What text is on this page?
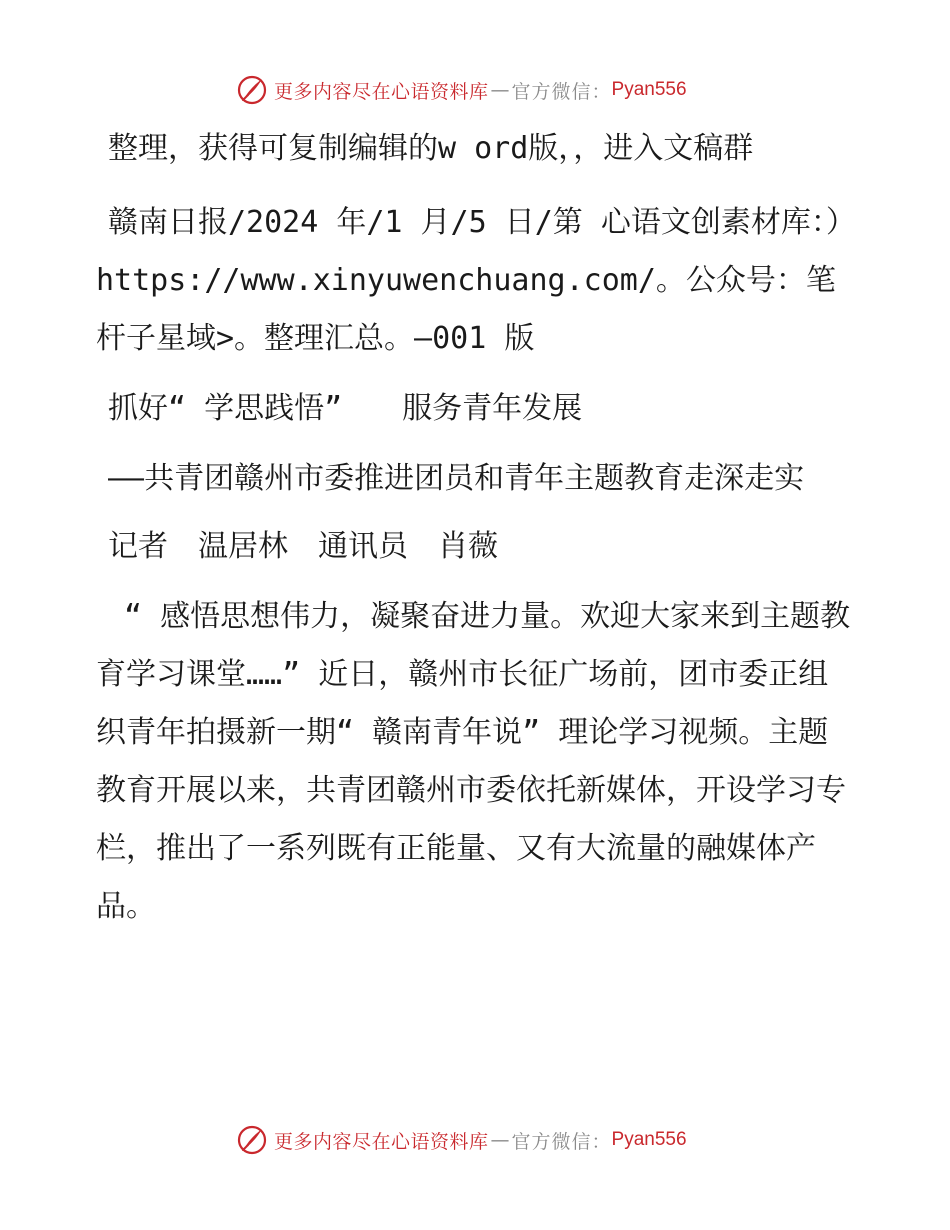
更多内容尽在心语资料库 — 官方微信： Pyan556

整理，获得可复制编辑的w ord版，，进入文稿群

赣南日报/2024 年/1 月/5 日/第 心语文创素材库：）https://www.xinyuwenchuang.com/。公众号：笔杆子星域>。整理汇总。—001 版

抓好“ 学思践悟”　　服务青年发展

——共青团赣州市委推进团员和青年主题教育走深走实

记者　温居林　通讯员　肖薇

“ 感悟思想伟力，凝聚奋进力量。欢迎大家来到主题教育学习课堂……” 近日，赣州市长征广场前，团市委正组织青年拍摄新一期“ 赣南青年说” 理论学习视频。主题教育开展以来，共青团赣州市委依托新媒体，开设学习专栏，推出了一系列既有正能量、又有大流量的融媒体产品。

更多内容尽在心语资料库 — 官方微信： Pyan556
